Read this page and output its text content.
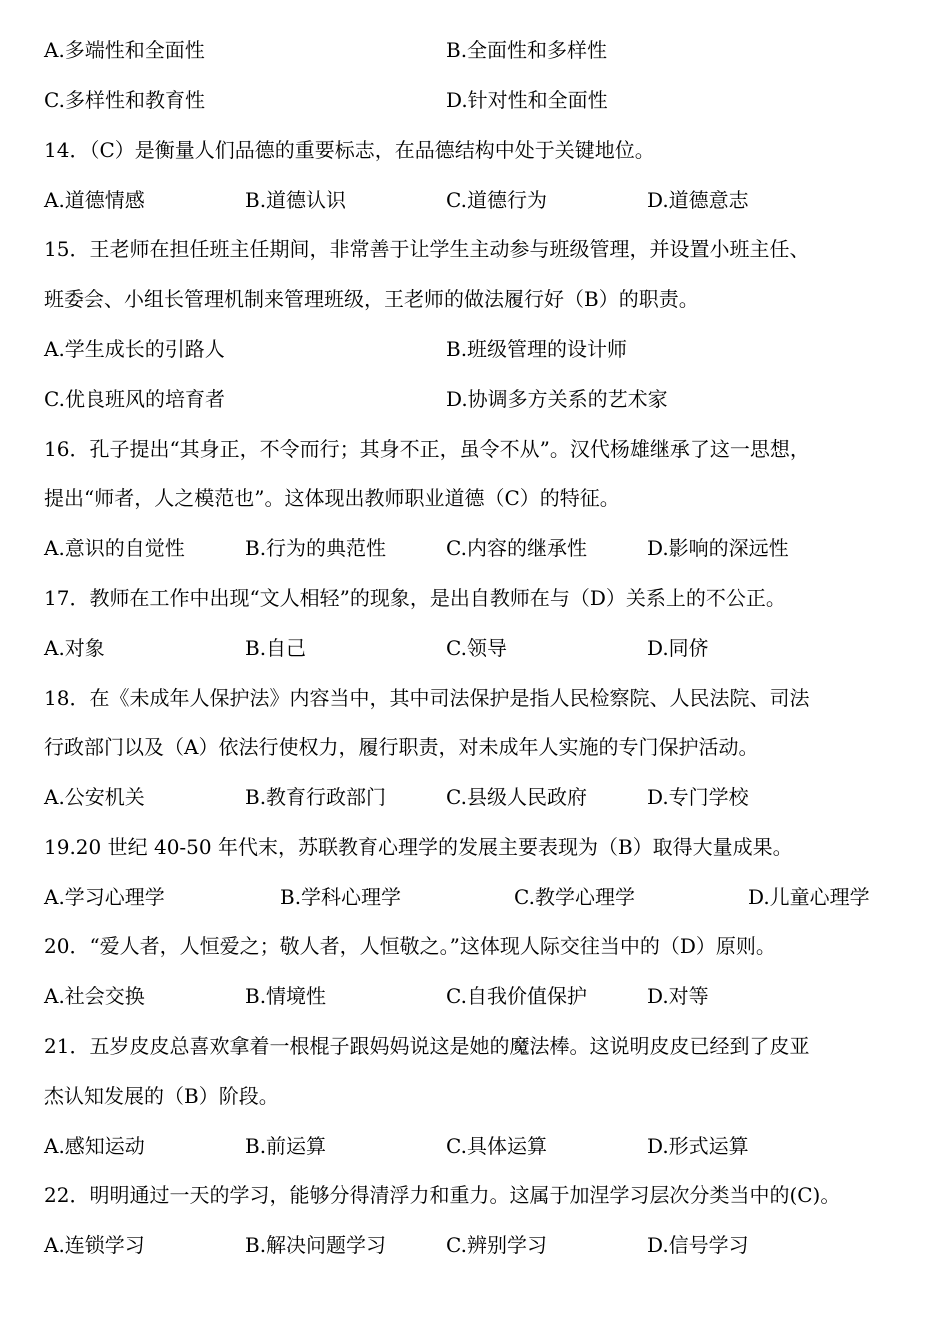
A.多端性和全面性	B.全面性和多样性
C.多样性和教育性	D.针对性和全面性
14．（C）是衡量人们品德的重要标志，在品德结构中处于关键地位。
A.道德情感	B.道德认识	C.道德行为	D.道德意志
15．王老师在担任班主任期间，非常善于让学生主动参与班级管理，并设置小班主任、
班委会、小组长管理机制来管理班级，王老师的做法履行好（B）的职责。
A.学生成长的引路人	B.班级管理的设计师
C.优良班风的培育者	D.协调多方关系的艺术家
16．孔子提出“其身正，不令而行；其身不正，虽令不从”。汉代杨雄继承了这一思想，
提出“师者，人之模范也”。这体现出教师职业道德（C）的特征。
A.意识的自觉性	B.行为的典范性	C.内容的继承性	D.影响的深远性
17．教师在工作中出现“文人相轻”的现象，是出自教师在与（D）关系上的不公正。
A.对象	B.自己	C.领导	D.同侪
18．在《未成年人保护法》内容当中，其中司法保护是指人民检察院、人民法院、司法
行政部门以及（A）依法行使权力，履行职责，对未成年人实施的专门保护活动。
A.公安机关	B.教育行政部门	C.县级人民政府	D.专门学校
19.20 世纪 40-50 年代末，苏联教育心理学的发展主要表现为（B）取得大量成果。
A.学习心理学	B.学科心理学	C.教学心理学	D.儿童心理学
20．“爱人者，人恒爱之；敬人者，人恒敬之。”这体现人际交往当中的（D）原则。
A.社会交换	B.情境性	C.自我价值保护	D.对等
21．五岁皮皮总喜欢拿着一根棍子跟妈妈说这是她的魔法棒。这说明皮皮已经到了皮亚
杰认知发展的（B）阶段。
A.感知运动	B.前运算	C.具体运算	D.形式运算
22．明明通过一天的学习，能够分得清浮力和重力。这属于加涅学习层次分类当中的(C)。
A.连锁学习	B.解决问题学习	C.辨别学习	D.信号学习
